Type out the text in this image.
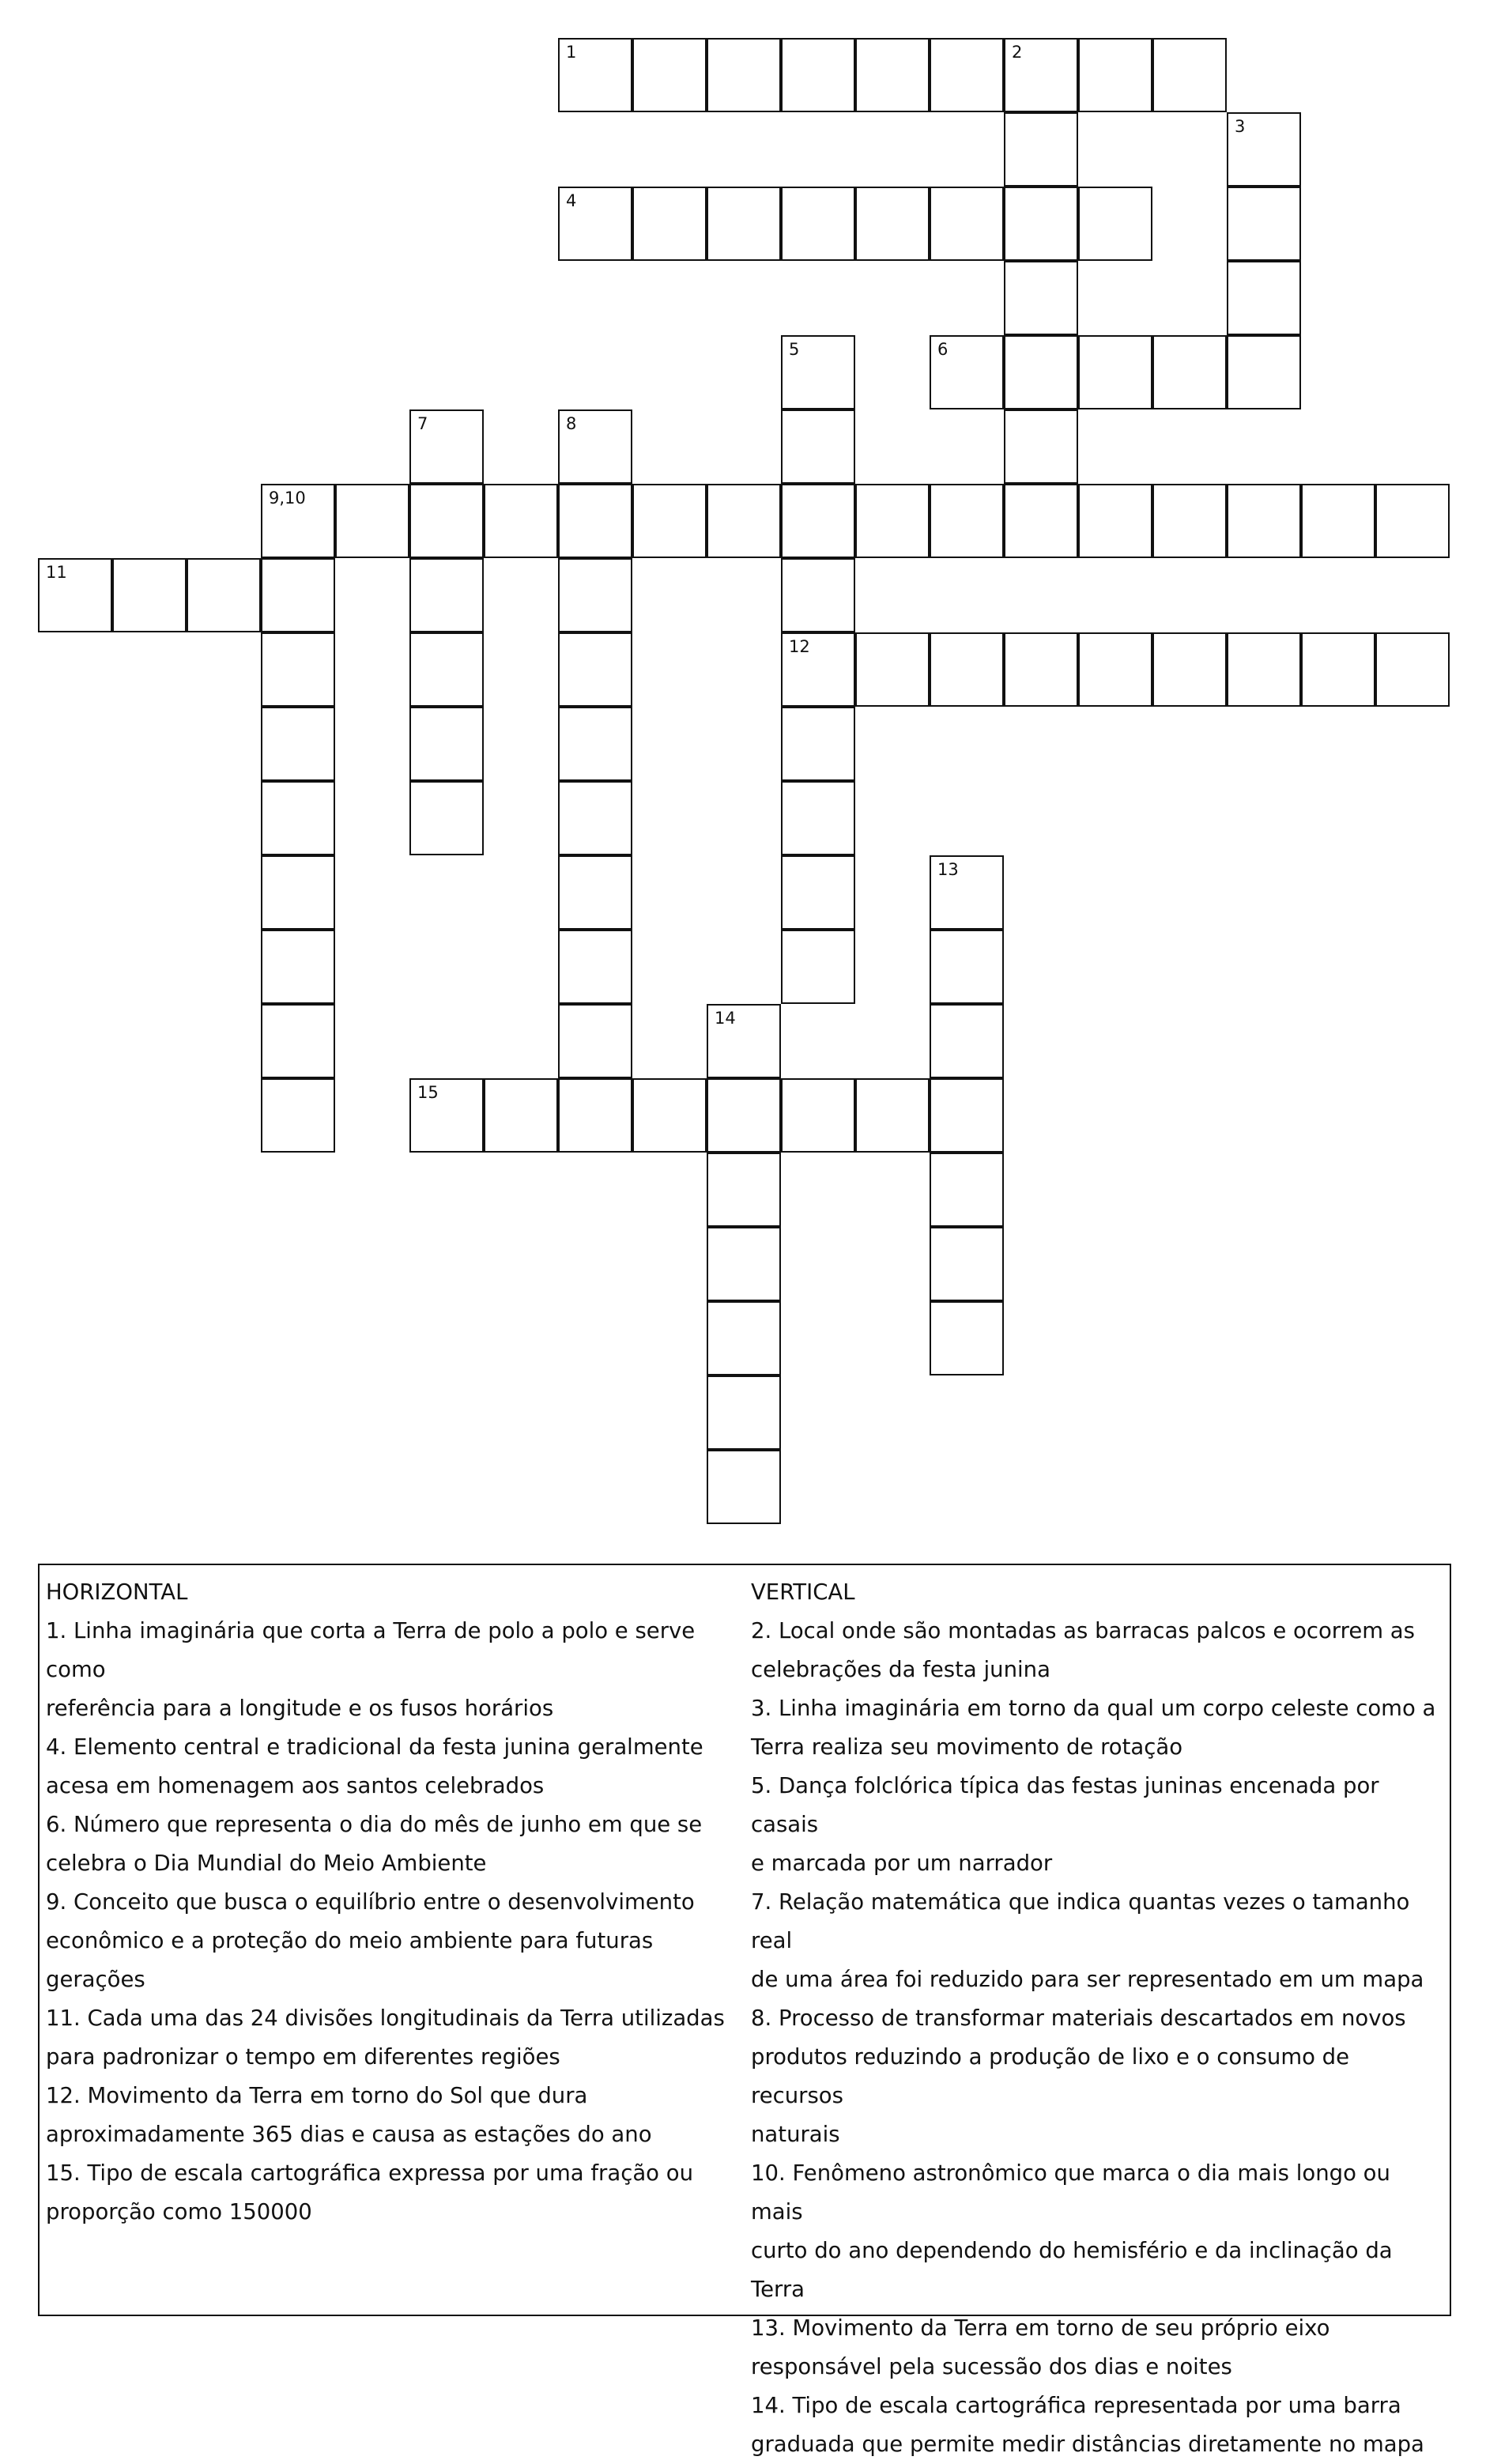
1	2
3
4
5	6
7	8
9,10
11
12
13
14
15
HORIZONTAL
1. Linha imaginária que corta a Terra de polo a polo e serve como
referência para a longitude e os fusos horários
4. Elemento central e tradicional da festa junina geralmente
acesa em homenagem aos santos celebrados
6. Número que representa o dia do mês de junho em que se
celebra o Dia Mundial do Meio Ambiente
9. Conceito que busca o equilíbrio entre o desenvolvimento
econômico e a proteção do meio ambiente para futuras gerações
11. Cada uma das 24 divisões longitudinais da Terra utilizadas
para padronizar o tempo em diferentes regiões
12. Movimento da Terra em torno do Sol que dura
aproximadamente 365 dias e causa as estações do ano
15. Tipo de escala cartográfica expressa por uma fração ou
proporção como 150000
VERTICAL
2. Local onde são montadas as barracas palcos e ocorrem as
celebrações da festa junina
3. Linha imaginária em torno da qual um corpo celeste como a
Terra realiza seu movimento de rotação
5. Dança folclórica típica das festas juninas encenada por casais
e marcada por um narrador
7. Relação matemática que indica quantas vezes o tamanho real
de uma área foi reduzido para ser representado em um mapa
8. Processo de transformar materiais descartados em novos
produtos reduzindo a produção de lixo e o consumo de recursos
naturais
10. Fenômeno astronômico que marca o dia mais longo ou mais
curto do ano dependendo do hemisfério e da inclinação da Terra
13. Movimento da Terra em torno de seu próprio eixo
responsável pela sucessão dos dias e noites
14. Tipo de escala cartográfica representada por uma barra
graduada que permite medir distâncias diretamente no mapa
